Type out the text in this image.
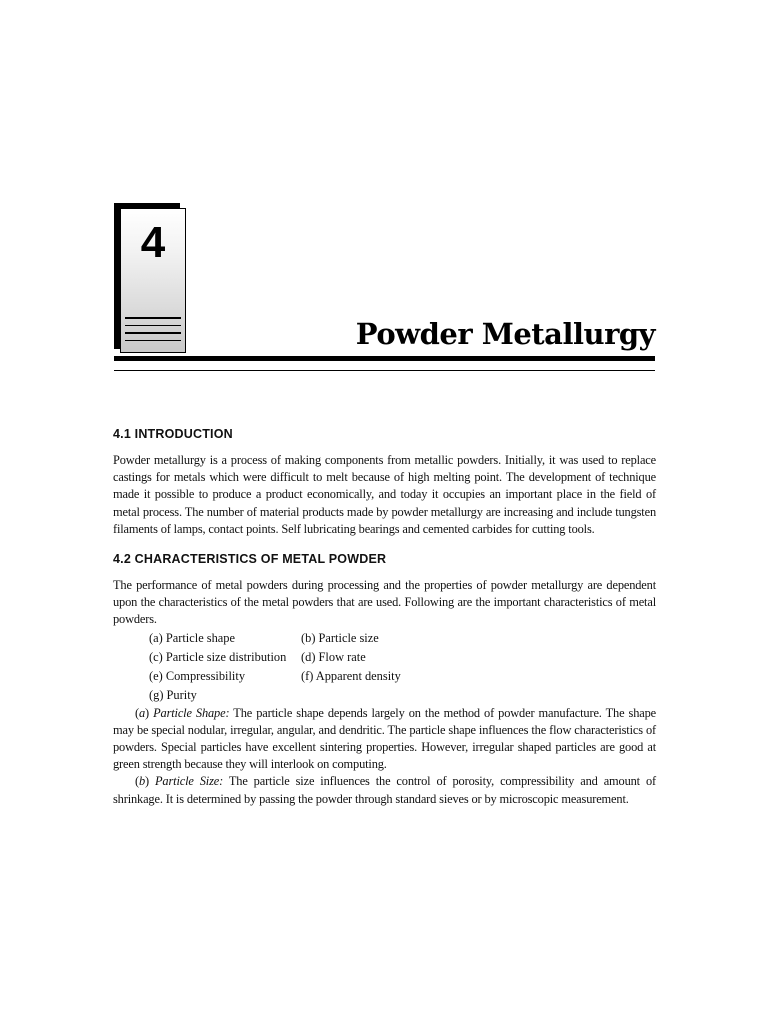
4
Powder Metallurgy
4.1 INTRODUCTION

Powder metallurgy is a process of making components from metallic powders. Initially, it was used to replace castings for metals which were difficult to melt because of high melting point. The development of technique made it possible to produce a product economically, and today it occupies an important place in the field of metal process. The number of material products made by powder metallurgy are increasing and include tungsten filaments of lamps, contact points. Self lubricating bearings and cemented carbides for cutting tools.

4.2 CHARACTERISTICS OF METAL POWDER

The performance of metal powders during processing and the properties of powder metallurgy are dependent upon the characteristics of the metal powders that are used. Following are the important characteristics of metal powders.

(a) Particle shape	(b) Particle size
(c) Particle size distribution	(d) Flow rate
(e) Compressibility	(f) Apparent density
(g) Purity

(a) Particle Shape: The particle shape depends largely on the method of powder manufacture. The shape may be special nodular, irregular, angular, and dendritic. The particle shape influences the flow characteristics of powders. Special particles have excellent sintering properties. However, irregular shaped particles are good at green strength because they will interlook on computing.

(b) Particle Size: The particle size influences the control of porosity, compressibility and amount of shrinkage. It is determined by passing the powder through standard sieves or by microscopic measurement.
